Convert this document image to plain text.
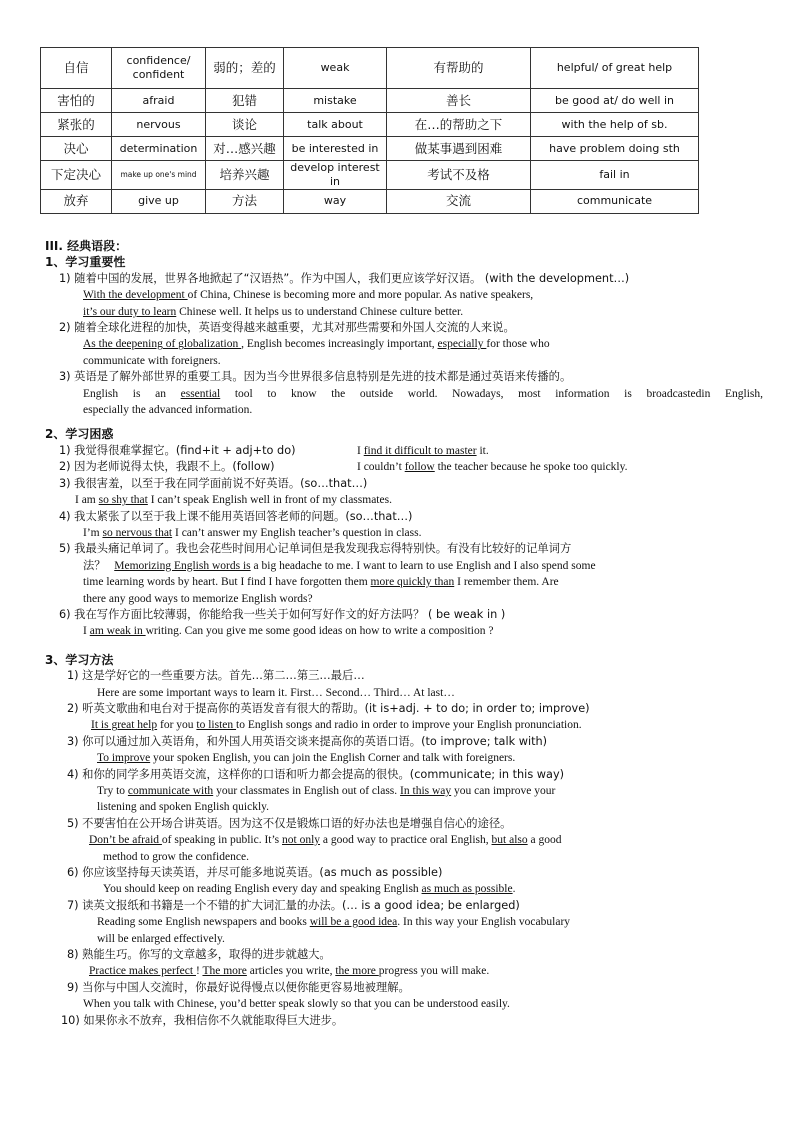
自信	confidence/ confident	弱的；差的	weak	有帮助的	helpful/ of great help
害怕的	afraid	犯错	mistake	善长	be good at/ do well in
紧张的	nervous	谈论	talk about	在…的帮助之下	with the help of sb.
决心	determination	对…感兴趣	be interested in	做某事遇到困难	have problem doing sth
下定决心	make up one's mind	培养兴趣	develop interest in	考试不及格	fail in
放弃	give up	方法	way	交流	communicate
III. 经典语段：
1、学习重要性
1) 随着中国的发展，世界各地掀起了“汉语热”。作为中国人，我们更应该学好汉语。 (with the development…)
With the development of China, Chinese is becoming more and more popular. As native speakers,
it’s our duty to learn Chinese well. It helps us to understand Chinese culture better.
2) 随着全球化进程的加快，英语变得越来越重要，尤其对那些需要和外国人交流的人来说。
As the deepening of globalization , English becomes increasingly important, especially for those who
communicate with foreigners.
3) 英语是了解外部世界的重要工具。因为当今世界很多信息特别是先进的技术都是通过英语来传播的。
English is an essential tool to know the outside world. Nowadays, most information is broadcastedin English,
especially the advanced information.
2、学习困惑
1) 我觉得很难掌握它。(find+it + adj+to do)	I find it difficult to master it.
2) 因为老师说得太快，我跟不上。(follow)	I couldn’t follow the teacher because he spoke too quickly.
3) 我很害羞，以至于我在同学面前说不好英语。(so…that…)
I am so shy that I can’t speak English well in front of my classmates.
4) 我太紧张了以至于我上课不能用英语回答老师的问题。(so…that…)
I’m so nervous that I can’t answer my English teacher’s question in class.
5) 我最头痛记单词了。我也会花些时间用心记单词但是我发现我忘得特别快。有没有比较好的记单词方
法？ Memorizing English words is a big headache to me. I want to learn to use English and I also spend some
time learning words by heart. But I find I have forgotten them more quickly than I remember them. Are
there any good ways to memorize English words?
6) 我在写作方面比较薄弱，你能给我一些关于如何写好作文的好方法吗？ ( be weak in )
I am weak in writing. Can you give me some good ideas on how to write a composition ?
3、学习方法
1) 这是学好它的一些重要方法。首先…第二…第三…最后…
Here are some important ways to learn it. First… Second… Third… At last…
2) 听英文歌曲和电台对于提高你的英语发音有很大的帮助。(it is+adj. + to do; in order to; improve)
It is great help for you to listen to English songs and radio in order to improve your English pronunciation.
3) 你可以通过加入英语角，和外国人用英语交谈来提高你的英语口语。(to improve; talk with)
To improve your spoken English, you can join the English Corner and talk with foreigners.
4) 和你的同学多用英语交流，这样你的口语和听力都会提高的很快。(communicate; in this way)
Try to communicate with your classmates in English out of class. In this way you can improve your
listening and spoken English quickly.
5) 不要害怕在公开场合讲英语。因为这不仅是锻炼口语的好办法也是增强自信心的途径。
Don’t be afraid of speaking in public. It’s not only a good way to practice oral English, but also a good
method to grow the confidence.
6) 你应该坚持每天读英语，并尽可能多地说英语。(as much as possible)
You should keep on reading English every day and speaking English as much as possible.
7) 读英文报纸和书籍是一个不错的扩大词汇量的办法。(… is a good idea; be enlarged)
Reading some English newspapers and books will be a good idea. In this way your English vocabulary
will be enlarged effectively.
8) 熟能生巧。你写的文章越多，取得的进步就越大。
Practice makes perfect ! The more articles you write, the more progress you will make.
9) 当你与中国人交流时，你最好说得慢点以便你能更容易地被理解。
When you talk with Chinese, you’d better speak slowly so that you can be understood easily.
10) 如果你永不放弃，我相信你不久就能取得巨大进步。
